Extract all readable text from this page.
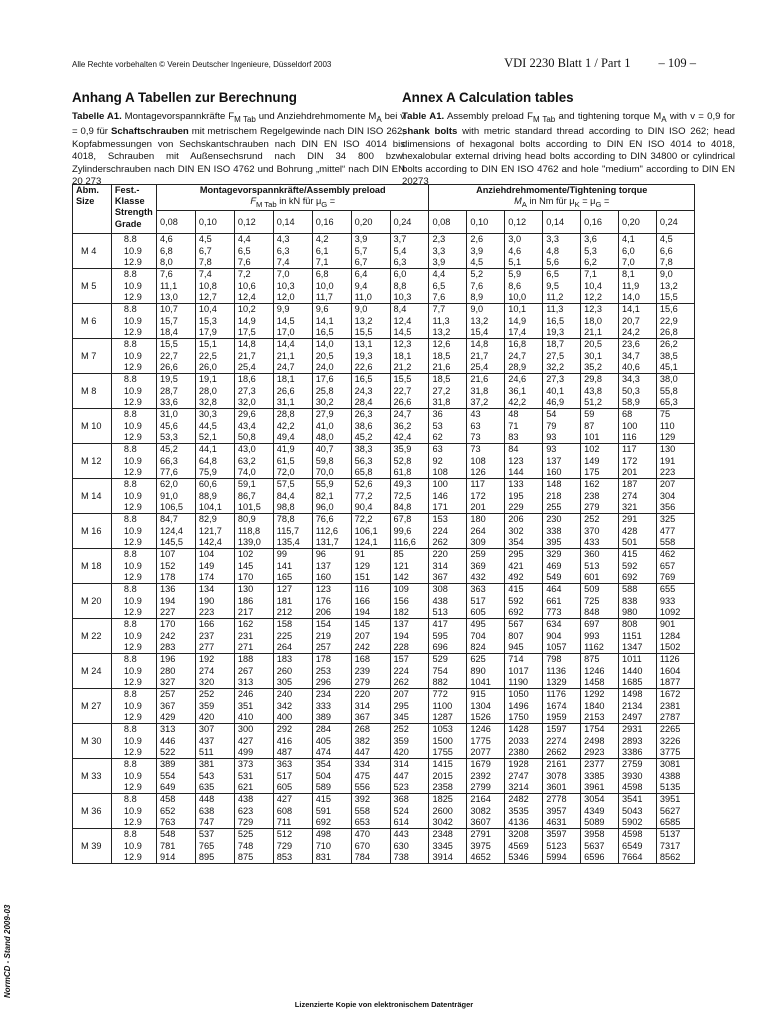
Alle Rechte vorbehalten © Verein Deutscher Ingenieure, Düsseldorf 2003	VDI 2230 Blatt 1 / Part 1 – 109 –
Anhang A Tabellen zur Berechnung

Tabelle A1. Montagevorspannkräfte $F_{M Tab}$ und Anziehdrehmomente $M_A$ bei v = 0,9 für Schaftschrauben mit metrischem Regelgewinde nach DIN ISO 262; Kopfabmessungen von Sechskantschrauben nach DIN EN ISO 4014 bis 4018, Schrauben mit Außensechsrund nach DIN 34 800 bzw. Zylinderschrauben nach DIN EN ISO 4762 und Bohrung „mittel“ nach DIN EN 20 273

Annex A Calculation tables

Table A1. Assembly preload $F_{M Tab}$ and tightening torque $M_A$ with v = 0,9 for shank bolts with metric standard thread according to DIN ISO 262; head dimensions of hexagonal bolts according to DIN EN ISO 4014 to 4018, hexalobular external driving head bolts according to DIN 34800 or cylindrical bolts according to DIN EN ISO 4762 and hole "medium" according to DIN EN 20273

Abm. Size	Fest.-Klasse Strength Grade	Montagevorspannkräfte/Assembly preload
$F_{M Tab}$ in kN für $\mu_G$ =							Anziehdrehmomente/Tightening torque
$M_A$ in Nm für $\mu_K = \mu_G$ =						
		0,08	0,10	0,12	0,14	0,16	0,20	0,24	0,08	0,10	0,12	0,14	0,16	0,20	0,24
M 4	8.8
10.9
12.9	4,6
6,8
8,0	4,5
6,7
7,8	4,4
6,5
7,6	4,3
6,3
7,4	4,2
6,1
7,1	3,9
5,7
6,7	3,7
5,4
6,3	2,3
3,3
3,9	2,6
3,9
4,5	3,0
4,6
5,1	3,3
4,8
5,6	3,6
5,3
6,2	4,1
6,0
7,0	4,5
6,6
7,8

M 5	8.8
10.9
12.9	7,6
11,1
13,0	7,4
10,8
12,7	7,2
10,6
12,4	7,0
10,3
12,0	6,8
10,0
11,7	6,4
9,4
11,0	6,0
8,8
10,3	4,4
6,5
7,6	5,2
7,6
8,9	5,9
8,6
10,0	6,5
9,5
11,2	7,1
10,4
12,2	8,1
11,9
14,0	9,0
13,2
15,5

M 6	8.8
10.9
12.9	10,7
15,7
18,4	10,4
15,3
17,9	10,2
14,9
17,5	9,9
14,5
17,0	9,6
14,1
16,5	9,0
13,2
15,5	8,4
12,4
14,5	7,7
11,3
13,2	9,0
13,2
15,4	10,1
14,9
17,4	11,3
16,5
19,3	12,3
18,0
21,1	14,1
20,7
24,2	15,6
22,9
26,8

M 7	8.8
10.9
12.9	15,5
22,7
26,6	15,1
22,5
26,0	14,8
21,7
25,4	14,4
21,1
24,7	14,0
20,5
24,0	13,1
19,3
22,6	12,3
18,1
21,2	12,6
18,5
21,6	14,8
21,7
25,4	16,8
24,7
28,9	18,7
27,5
32,2	20,5
30,1
35,2	23,6
34,7
40,6	26,2
38,5
45,1

M 8	8.8
10.9
12.9	19,5
28,7
33,6	19,1
28,0
32,8	18,6
27,3
32,0	18,1
26,6
31,1	17,6
25,8
30,2	16,5
24,3
28,4	15,5
22,7
26,6	18,5
27,2
31,8	21,6
31,8
37,2	24,6
36,1
42,2	27,3
40,1
46,9	29,8
43,8
51,2	34,3
50,3
58,9	38,0
55,8
65,3

M 10	8.8
10.9
12.9	31,0
45,6
53,3	30,3
44,5
52,1	29,6
43,4
50,8	28,8
42,2
49,4	27,9
41,0
48,0	26,3
38,6
45,2	24,7
36,2
42,4	36
53
62	43
63
73	48
71
83	54
79
93	59
87
101	68
100
116	75
110
129

M 12	8.8
10.9
12.9	45,2
66,3
77,6	44,1
64,8
75,9	43,0
63,2
74,0	41,9
61,5
72,0	40,7
59,8
70,0	38,3
56,3
65,8	35,9
52,8
61,8	63
92
108	73
108
126	84
123
144	93
137
160	102
149
175	117
172
201	130
191
223

M 14	8.8
10.9
12.9	62,0
91,0
106,5	60,6
88,9
104,1	59,1
86,7
101,5	57,5
84,4
98,8	55,9
82,1
96,0	52,6
77,2
90,4	49,3
72,5
84,8	100
146
171	117
172
201	133
195
229	148
218
255	162
238
279	187
274
321	207
304
356

M 16	8.8
10.9
12.9	84,7
124,4
145,5	82,9
121,7
142,4	80,9
118,8
139,0	78,8
115,7
135,4	76,6
112,6
131,7	72,2
106,1
124,1	67,8
99,6
116,6	153
224
262	180
264
309	206
302
354	230
338
395	252
370
433	291
428
501	325
477
558

M 18	8.8
10.9
12.9	107
152
178	104
149
174	102
145
170	99
141
165	96
137
160	91
129
151	85
121
142	220
314
367	259
369
432	295
421
492	329
469
549	360
513
601	415
592
692	462
657
769

M 20	8.8
10.9
12.9	136
194
227	134
190
223	130
186
217	127
181
212	123
176
206	116
166
194	109
156
182	308
438
513	363
517
605	415
592
692	464
661
773	509
725
848	588
838
980	655
933
1092

M 22	8.8
10.9
12.9	170
242
283	166
237
277	162
231
271	158
225
264	154
219
257	145
207
242	137
194
228	417
595
696	495
704
824	567
807
945	634
904
1057	697
993
1162	808
1151
1347	901
1284
1502

M 24	8.8
10.9
12.9	196
280
327	192
274
320	188
267
313	183
260
305	178
253
296	168
239
279	157
224
262	529
754
882	625
890
1041	714
1017
1190	798
1136
1329	875
1246
1458	1011
1440
1685	1126
1604
1877

M 27	8.8
10.9
12.9	257
367
429	252
359
420	246
351
410	240
342
400	234
333
389	220
314
367	207
295
345	772
1100
1287	915
1304
1526	1050
1496
1750	1176
1674
1959	1292
1840
2153	1498
2134
2497	1672
2381
2787

M 30	8.8
10.9
12.9	313
446
522	307
437
511	300
427
499	292
416
487	284
405
474	268
382
447	252
359
420	1053
1500
1755	1246
1775
2077	1428
2033
2380	1597
2274
2662	1754
2498
2923	2931
2893
3386	2265
3226
3775

M 33	8.8
10.9
12.9	389
554
649	381
543
635	373
531
621	363
517
605	354
504
589	334
475
556	314
447
523	1415
2015
2358	1679
2392
2799	1928
2747
3214	2161
3078
3601	2377
3385
3961	2759
3930
4598	3081
4388
5135

M 36	8.8
10.9
12.9	458
652
763	448
638
747	438
623
729	427
608
711	415
591
692	392
558
653	368
524
614	1825
2600
3042	2164
3082
3607	2482
3535
4136	2778
3957
4631	3054
4349
5089	3541
5043
5902	3951
5627
6585

M 39	8.8
10.9
12.9	548
781
914	537
765
895	525
748
875	512
729
853	498
710
831	470
670
784	443
630
738	2348
3345
3914	2791
3975
4652	3208
4569
5346	3597
5123
5994	3958
5637
6596	4598
6549
7664	5137
7317
8562
NormCD - Stand 2009-03
Lizenzierte Kopie von elektronischem Datenträger
